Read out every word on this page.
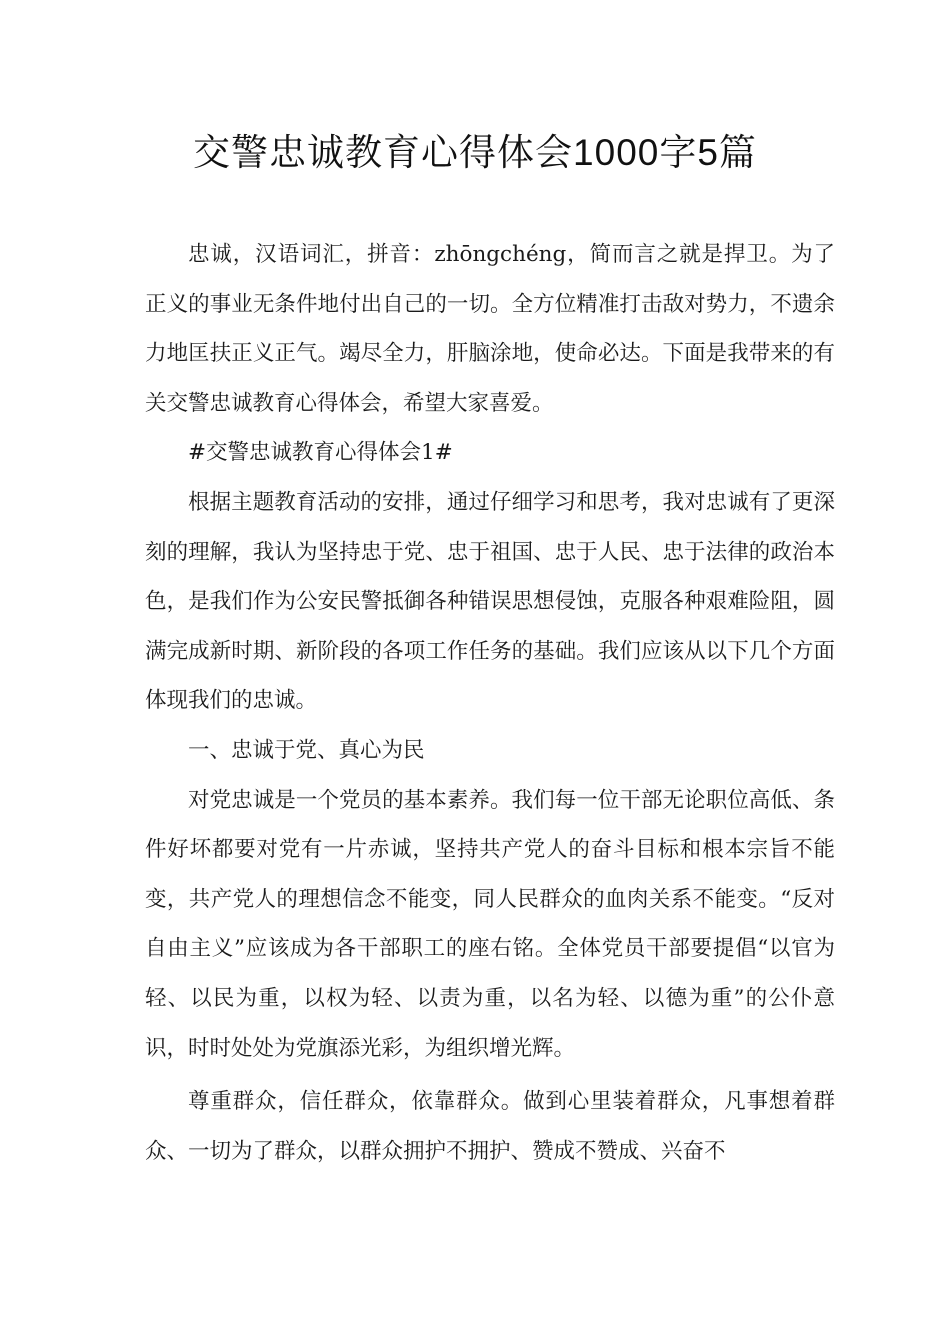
交警忠诚教育心得体会1000字5篇

忠诚，汉语词汇，拼音：zhōngchéng，简而言之就是捍卫。为了正义的事业无条件地付出自己的一切。全方位精准打击敌对势力，不遗余力地匡扶正义正气。竭尽全力，肝脑涂地，使命必达。下面是我带来的有关交警忠诚教育心得体会，希望大家喜爱。

#交警忠诚教育心得体会1#

根据主题教育活动的安排，通过仔细学习和思考，我对忠诚有了更深刻的理解，我认为坚持忠于党、忠于祖国、忠于人民、忠于法律的政治本色，是我们作为公安民警抵御各种错误思想侵蚀，克服各种艰难险阻，圆满完成新时期、新阶段的各项工作任务的基础。我们应该从以下几个方面体现我们的忠诚。

一、忠诚于党、真心为民

对党忠诚是一个党员的基本素养。我们每一位干部无论职位高低、条件好坏都要对党有一片赤诚，坚持共产党人的奋斗目标和根本宗旨不能变，共产党人的理想信念不能变，同人民群众的血肉关系不能变。“反对自由主义”应该成为各干部职工的座右铭。全体党员干部要提倡“以官为轻、以民为重，以权为轻、以责为重，以名为轻、以德为重”的公仆意识，时时处处为党旗添光彩，为组织增光辉。

尊重群众，信任群众，依靠群众。做到心里装着群众，凡事想着群众、一切为了群众，以群众拥护不拥护、赞成不赞成、兴奋不
